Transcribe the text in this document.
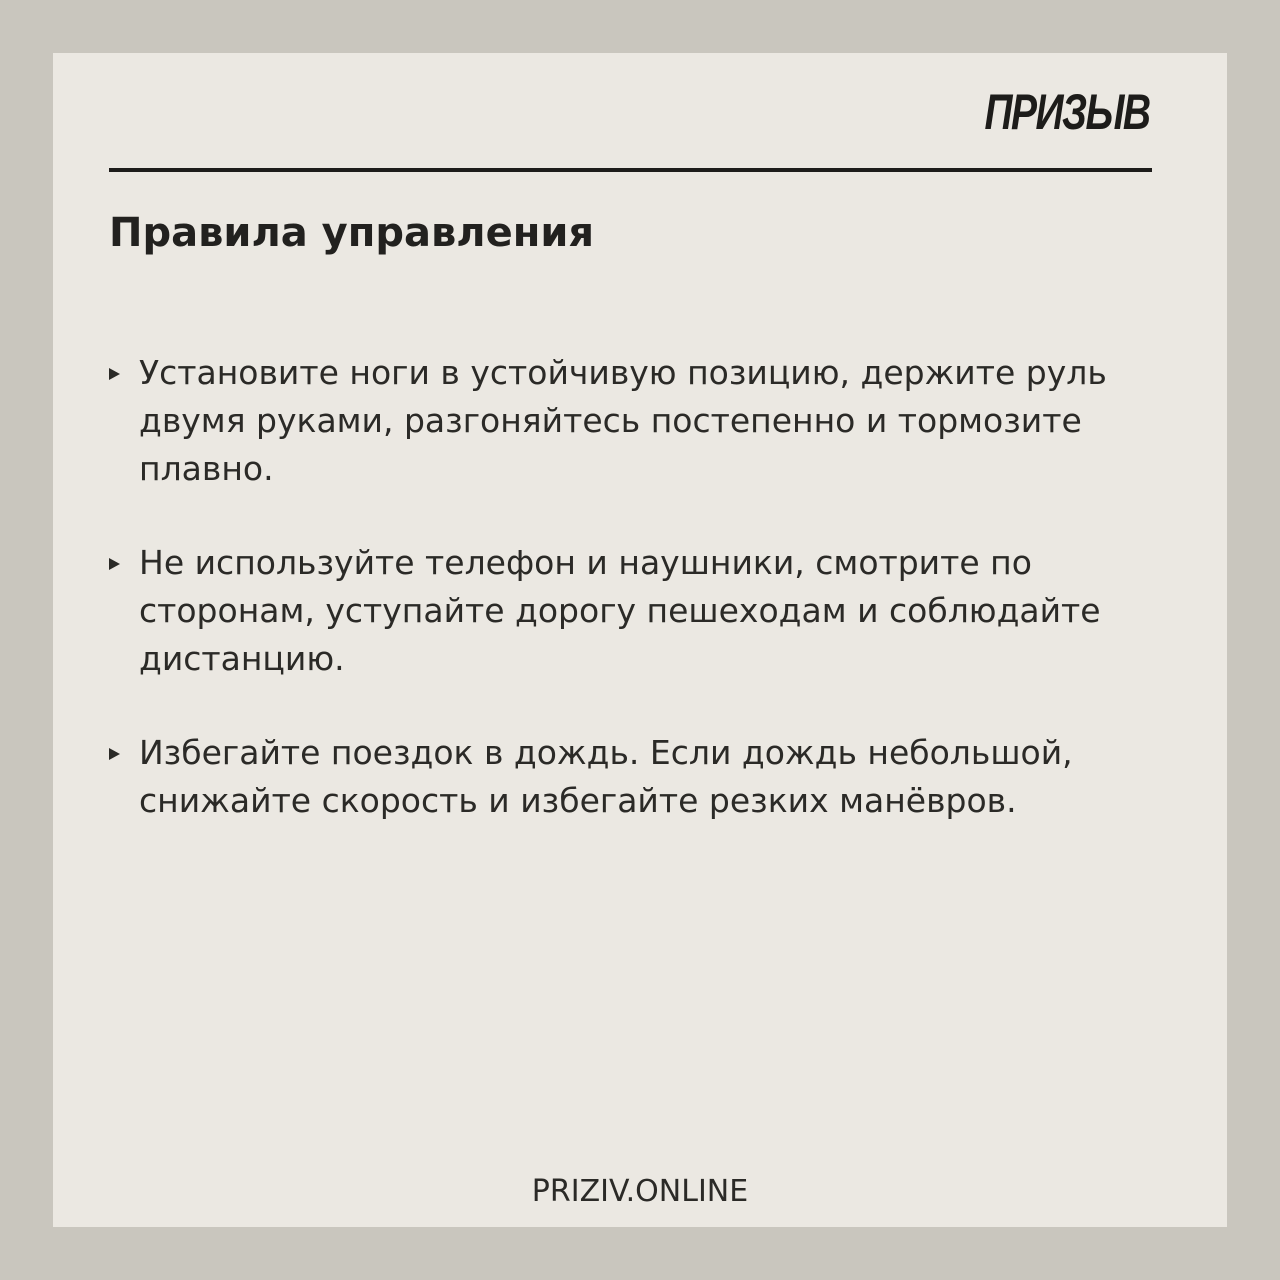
ПРИЗЫВ
Правила управления
Установите ноги в устойчивую позицию, держите руль двумя руками, разгоняйтесь постепенно и тормозите плавно.
Не используйте телефон и наушники, смотрите по сторонам, уступайте дорогу пешеходам и соблюдайте дистанцию.
Избегайте поездок в дождь. Если дождь небольшой, снижайте скорость и избегайте резких манёвров.

PRIZIV.ONLINE
